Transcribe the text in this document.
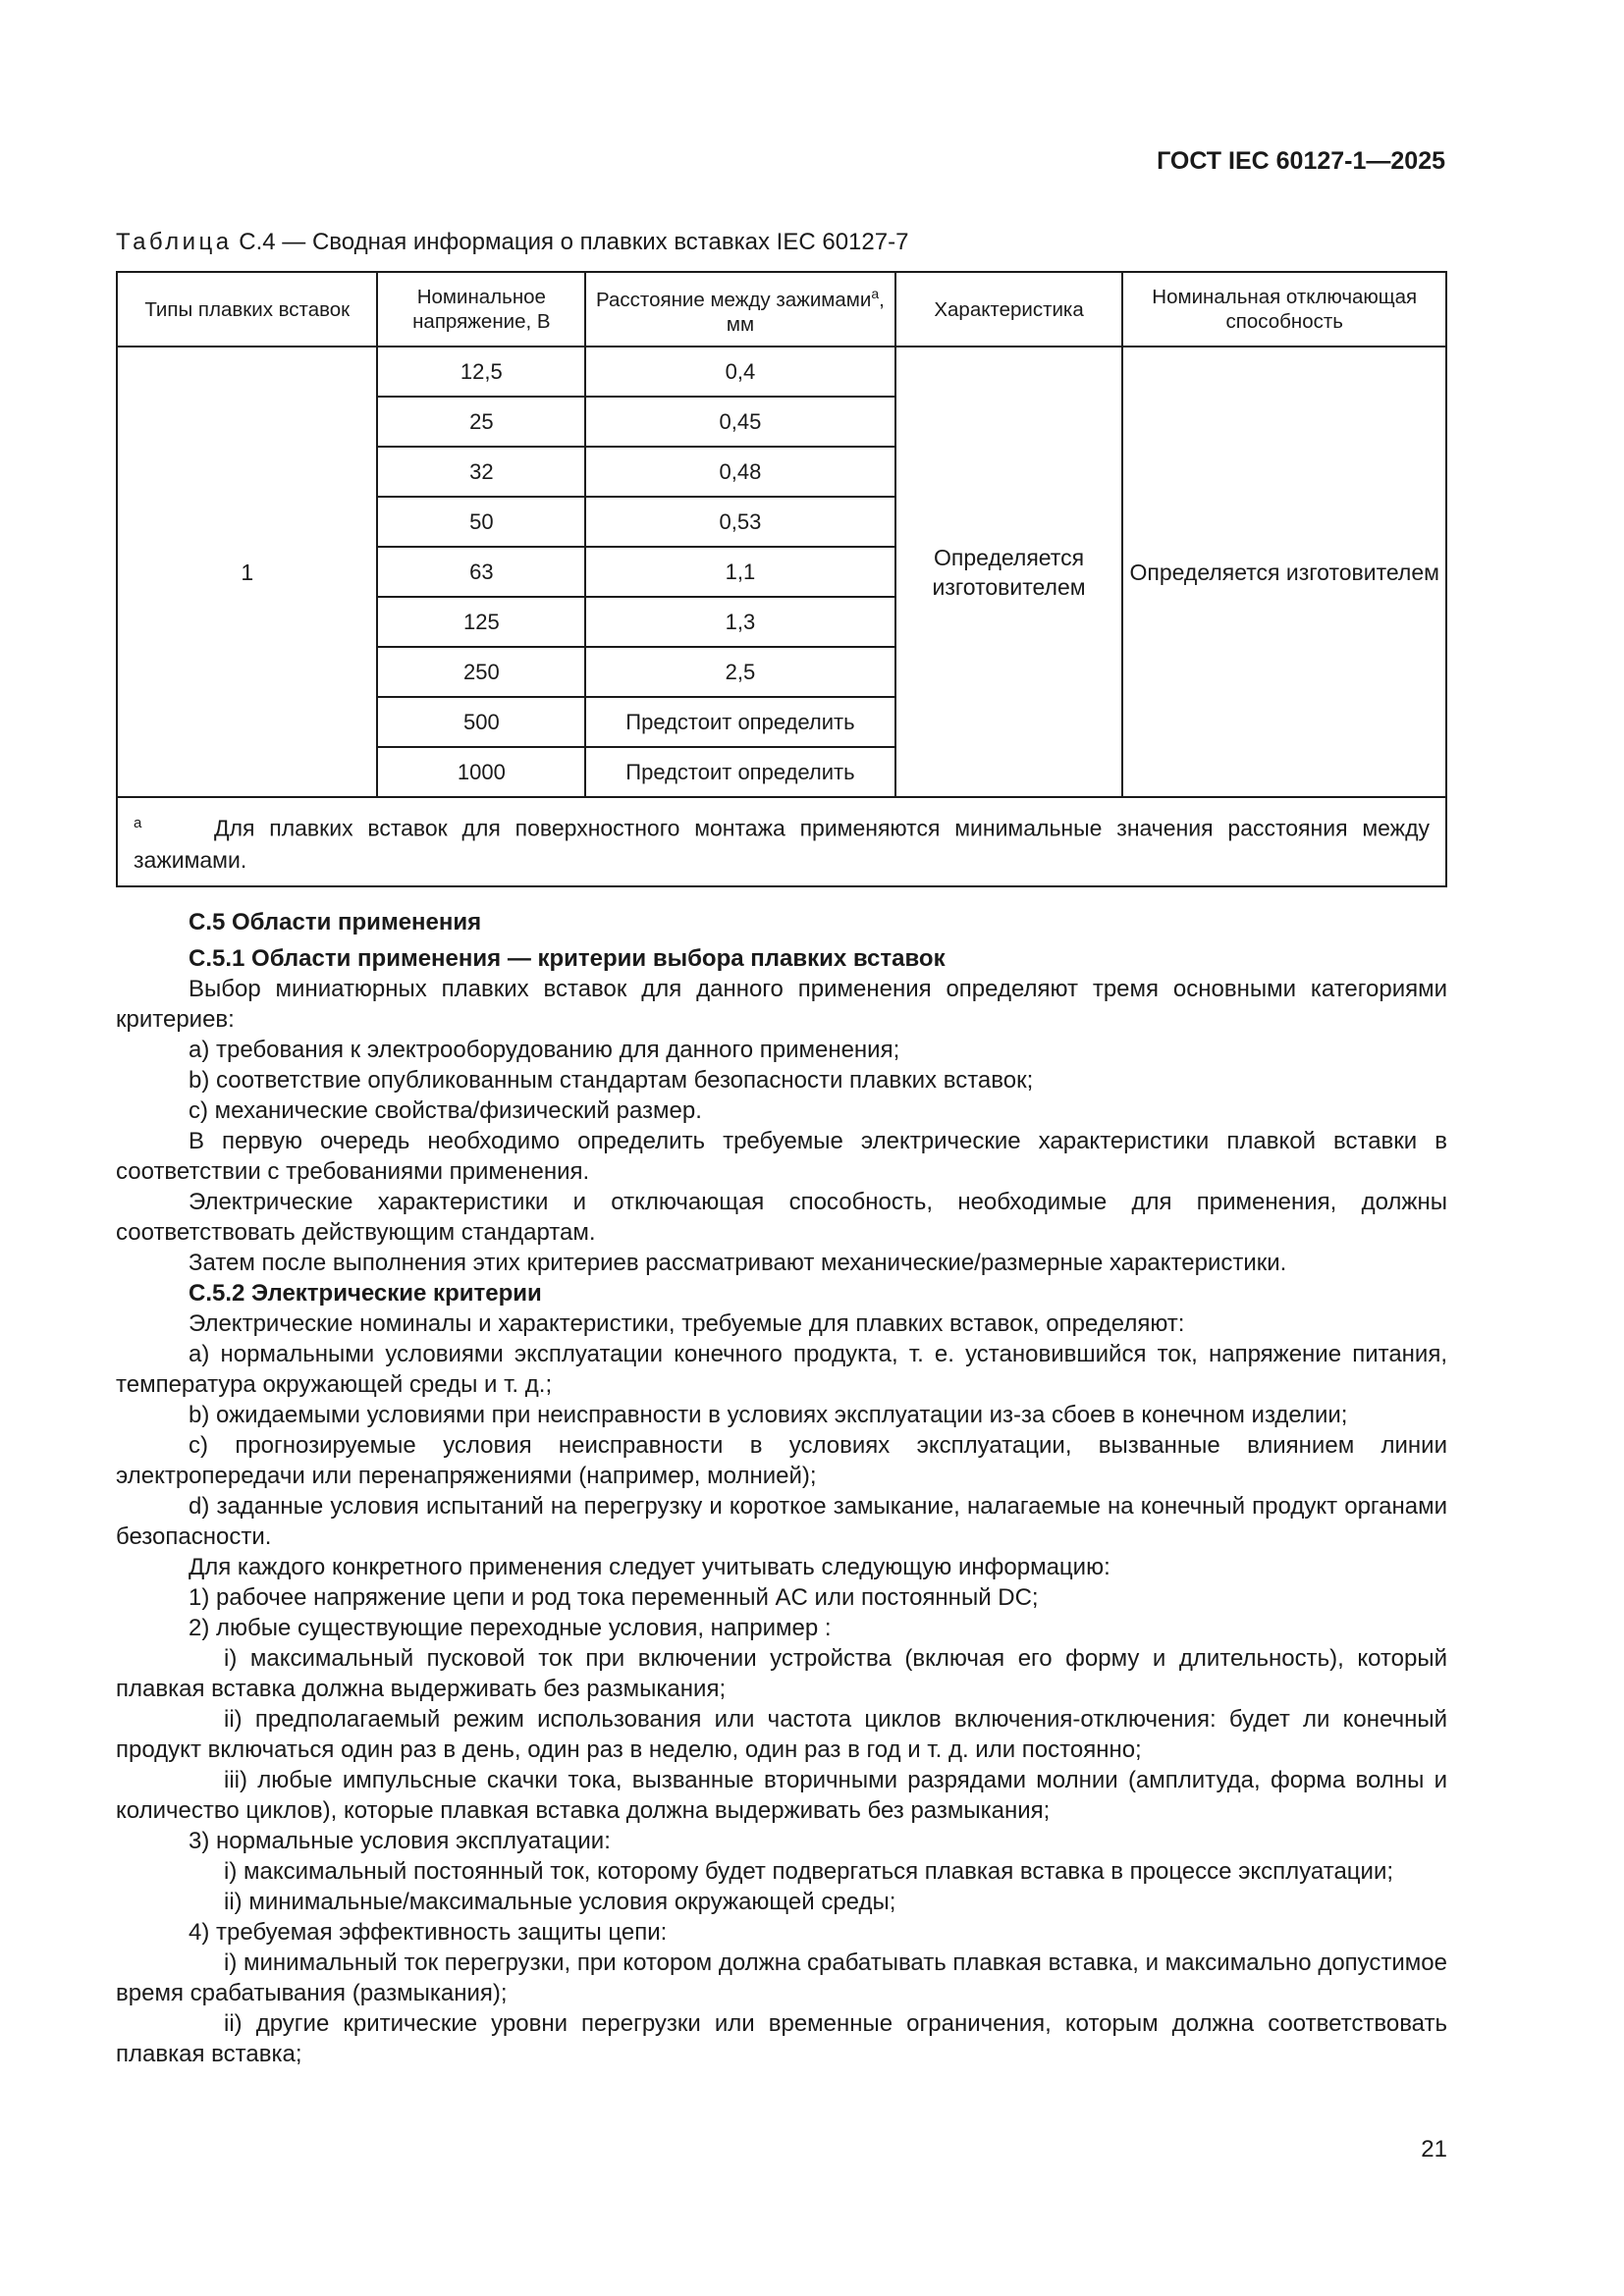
ГОСТ IEC 60127-1—2025
Таблица С.4 — Сводная информация о плавких вставках IEC 60127-7
Типы плавких вставок	Номинальное напряжение, В	Расстояние между зажимами$^a$, мм	Характеристика	Номинальная отключающая способность
1	12,5	0,4	Определяется изготовителем	Определяется изготовителем
	25	0,45		
	32	0,48		
	50	0,53		
	63	1,1		
	125	1,3		
	250	2,5		
	500	Предстоит определить		
	1000	Предстоит определить		
$^a$ Для плавких вставок для поверхностного монтажа применяются минимальные значения расстояния между зажимами.				

С.5 Области применения

С.5.1 Области применения — критерии выбора плавких вставок

Выбор миниатюрных плавких вставок для данного применения определяют тремя основными категориями критериев:

a) требования к электрооборудованию для данного применения;

b) соответствие опубликованным стандартам безопасности плавких вставок;

c) механические свойства/физический размер.

В первую очередь необходимо определить требуемые электрические характеристики плавкой вставки в соответствии с требованиями применения.

Электрические характеристики и отключающая способность, необходимые для применения, должны соответствовать действующим стандартам.

Затем после выполнения этих критериев рассматривают механические/размерные характеристики.

С.5.2 Электрические критерии

Электрические номиналы и характеристики, требуемые для плавких вставок, определяют:

a) нормальными условиями эксплуатации конечного продукта, т. е. установившийся ток, напряжение питания, температура окружающей среды и т. д.;

b) ожидаемыми условиями при неисправности в условиях эксплуатации из-за сбоев в конечном изделии;

c) прогнозируемые условия неисправности в условиях эксплуатации, вызванные влиянием линии электропередачи или перенапряжениями (например, молнией);

d) заданные условия испытаний на перегрузку и короткое замыкание, налагаемые на конечный продукт органами безопасности.

Для каждого конкретного применения следует учитывать следующую информацию:

1) рабочее напряжение цепи и род тока переменный AC или постоянный DC;

2) любые существующие переходные условия, например :

i) максимальный пусковой ток при включении устройства (включая его форму и длительность), который плавкая вставка должна выдерживать без размыкания;

ii) предполагаемый режим использования или частота циклов включения-отключения: будет ли конечный продукт включаться один раз в день, один раз в неделю, один раз в год и т. д. или постоянно;

iii) любые импульсные скачки тока, вызванные вторичными разрядами молнии (амплитуда, форма волны и количество циклов), которые плавкая вставка должна выдерживать без размыкания;

3) нормальные условия эксплуатации:

i) максимальный постоянный ток, которому будет подвергаться плавкая вставка в процессе эксплуатации;

ii) минимальные/максимальные условия окружающей среды;

4) требуемая эффективность защиты цепи:

i) минимальный ток перегрузки, при котором должна срабатывать плавкая вставка, и максимально допустимое время срабатывания (размыкания);

ii) другие критические уровни перегрузки или временные ограничения, которым должна соответствовать плавкая вставка;

21
